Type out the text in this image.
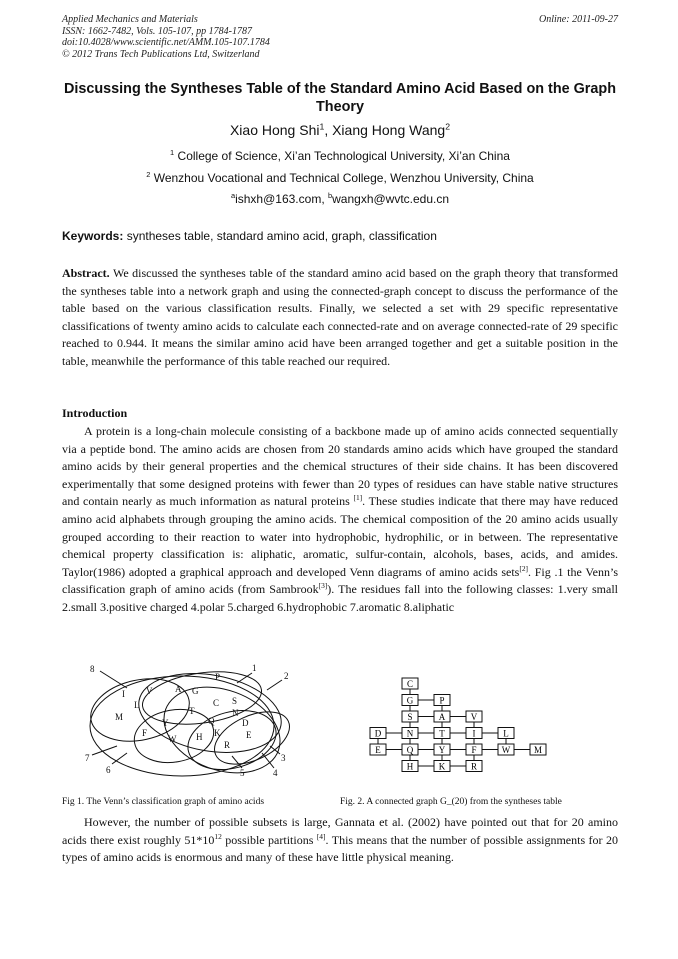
Applied Mechanics and Materials
ISSN: 1662-7482, Vols. 105-107, pp 1784-1787
doi:10.4028/www.scientific.net/AMM.105-107.1784
© 2012 Trans Tech Publications Ltd, Switzerland
Online: 2011-09-27
Discussing the Syntheses Table of the Standard Amino Acid Based on the Graph Theory
Xiao Hong Shi$^1$, Xiang Hong Wang$^2$
$^1$ College of Science, Xi’an Technological University, Xi’an China
$^2$ Wenzhou Vocational and Technical College, Wenzhou University, China
$^a$ishxh@163.com, $^b$wangxh@wvtc.edu.cn
Keywords: syntheses table, standard amino acid, graph, classification
Abstract. We discussed the syntheses table of the standard amino acid based on the graph theory that transformed the syntheses table into a network graph and using the connected-graph concept to discuss the performance of the table based on the various classification results. Finally, we selected a set with 29 specific representative classifications of twenty amino acids to calculate each connected-rate and on average connected-rate of 29 specific reached to 0.944. It means the similar amino acid have been arranged together and get a suitable position in the table, meanwhile the performance of this table reached our required.
Introduction
A protein is a long-chain molecule consisting of a backbone made up of amino acids connected sequentially via a peptide bond. The amino acids are chosen from 20 standards amino acids which have grouped the standard amino acids by their general properties and the chemical structures of their side chains. It has been discovered experimentally that some designed proteins with fewer than 20 types of residues can have stable native structures and contain nearly as much information as natural proteins [1]. These studies indicate that there may have reduced amino acid alphabets through grouping the amino acids. The chemical composition of the 20 amino acids usually grouped according to their reaction to water into hydrophobic, hydrophilic, or in between. The representative chemical property classification is: aliphatic, aromatic, sulfur-contain, alcohols, bases, acids, and amides. Taylor(1986) adopted a graphical approach and developed Venn diagrams of amino acids sets[2]. Fig .1 the Venn’s classification graph of amino acids (from Sambrook[3]). The residues fall into the following classes: 1.very small 2.small 3.positive charged 4.polar 5.charged 6.hydrophobic 7.aromatic 8.aliphatic
P
A G
I V
L	C S
T	N
M
Y	D
F
W H K	E
R
Q
1
2
3
4
5
6
7
8
C
G	P
S	A	V
D	N	T	I	L
E	Q	Y	F	W	M
H	K	R
Fig 1. The Venn’s classification graph of amino acids	Fig. 2. A connected graph G_(20) from the syntheses table
However, the number of possible subsets is large, Gannata et al. (2002) have pointed out that for 20 amino acids there exist roughly $51*10^{12}$ possible partitions [4]. This means that the number of possible assignments for 20 types of amino acids is enormous and many of these have little physical meaning.
